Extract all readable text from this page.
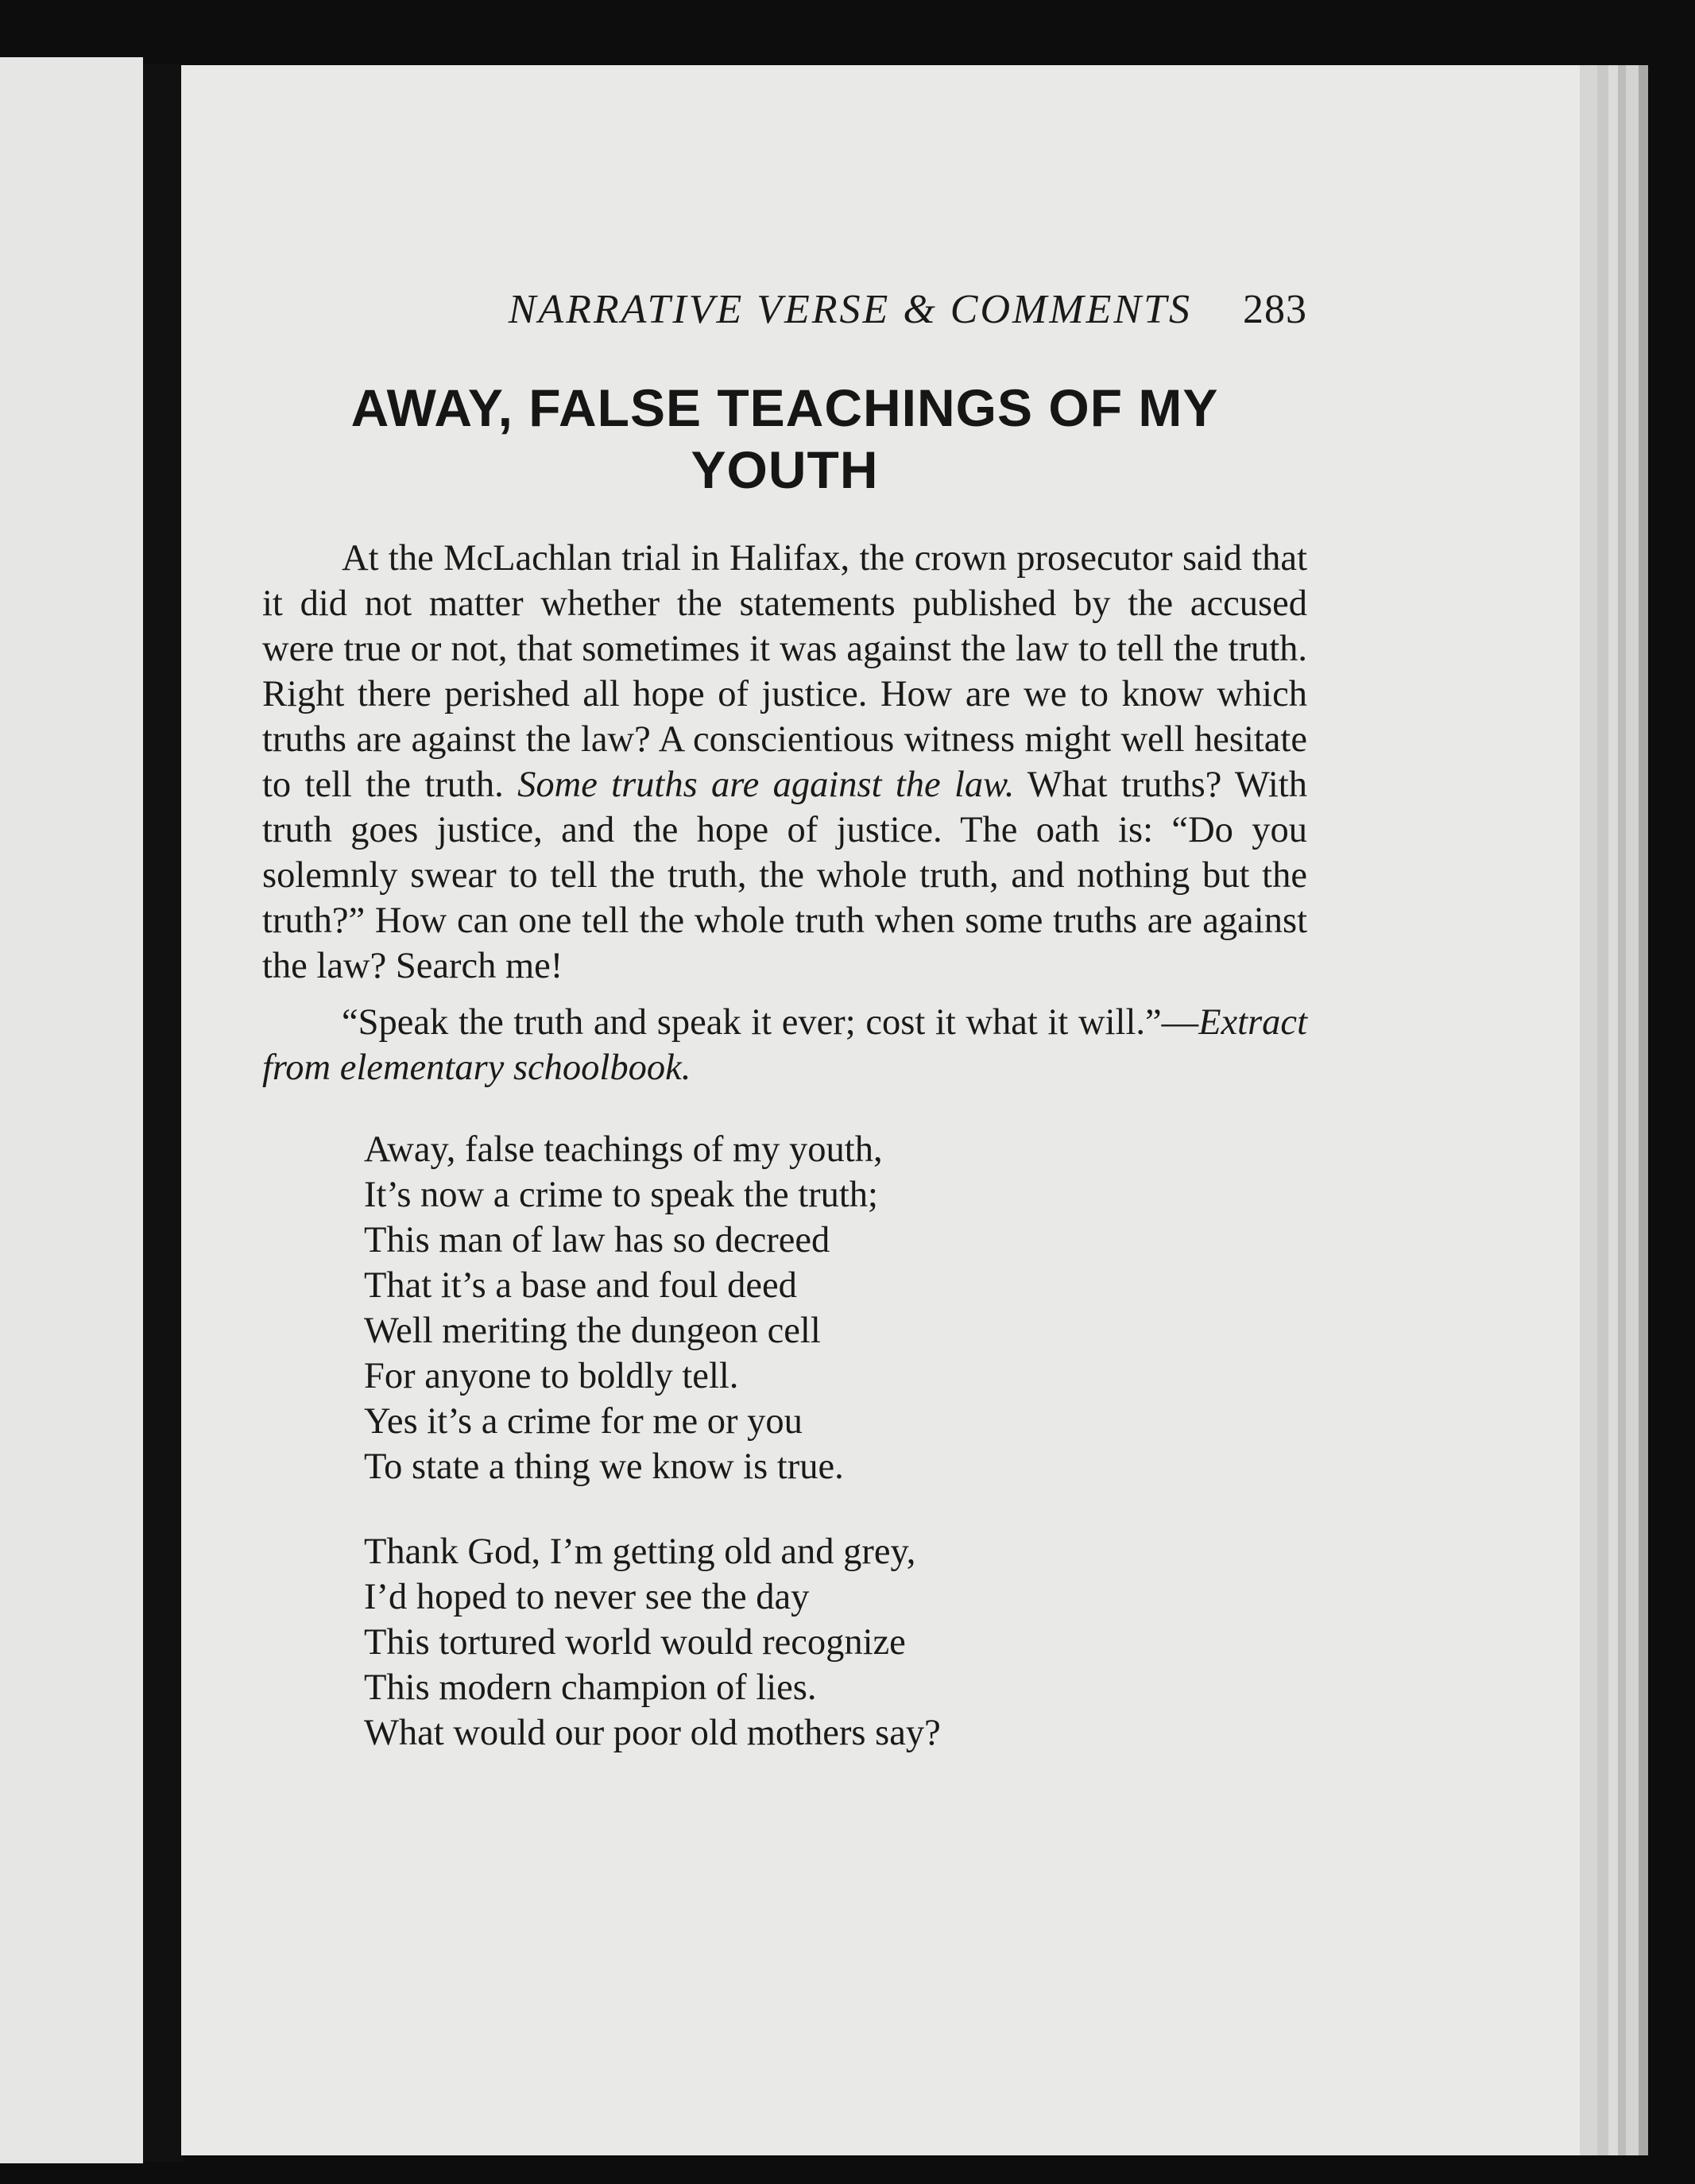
NARRATIVE VERSE & COMMENTS 283
AWAY, FALSE TEACHINGS OF MY
YOUTH

At the McLachlan trial in Halifax, the crown prosecutor said that it did not matter whether the statements published by the accused were true or not, that sometimes it was against the law to tell the truth. Right there perished all hope of justice. How are we to know which truths are against the law? A conscientious witness might well hesitate to tell the truth. Some truths are against the law. What truths? With truth goes justice, and the hope of justice. The oath is: “Do you solemnly swear to tell the truth, the whole truth, and nothing but the truth?” How can one tell the whole truth when some truths are against the law? Search me!

“Speak the truth and speak it ever; cost it what it will.”—Extract from elementary schoolbook.

Away, false teachings of my youth,
It’s now a crime to speak the truth;
This man of law has so decreed
That it’s a base and foul deed
Well meriting the dungeon cell
For anyone to boldly tell.
Yes it’s a crime for me or you
To state a thing we know is true.
Thank God, I’m getting old and grey,
I’d hoped to never see the day
This tortured world would recognize
This modern champion of lies.
What would our poor old mothers say?
